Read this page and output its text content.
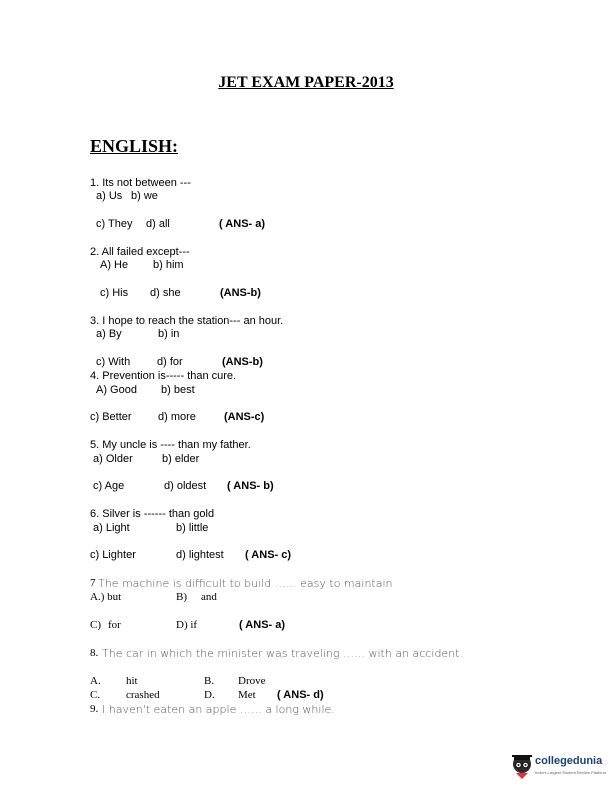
JET EXAM PAPER-2013
ENGLISH:
1. Its not between ---
a) Us b) we
c) They d) all	( ANS- a)
2. All failed except---
A) He b) him
c) His d) she	(ANS-b)
3. I hope to reach the station--- an hour.
a) By	b) in
c) With d) for	(ANS-b)
4. Prevention is----- than cure.
A) Good b) best
c) Better d) more	(ANS-c)
5. My uncle is ---- than my father.
a) Older	b) elder
c) Age	d) oldest ( ANS- b)
6. Silver is ------ than gold
a) Light	b) little
c) Lighter	d) lightest ( ANS- c)
7 The machine is difficult to build …… easy to maintain
A.) but	B) and
C) for	D) if	( ANS- a)
8. The car in which the minister was traveling …… with an accident.
A. hit	B. Drove
C. crashed	D. Met ( ANS- d)
9. I haven't eaten an apple …… a long while.
collegedunia
India's Largest Student Review Platform
